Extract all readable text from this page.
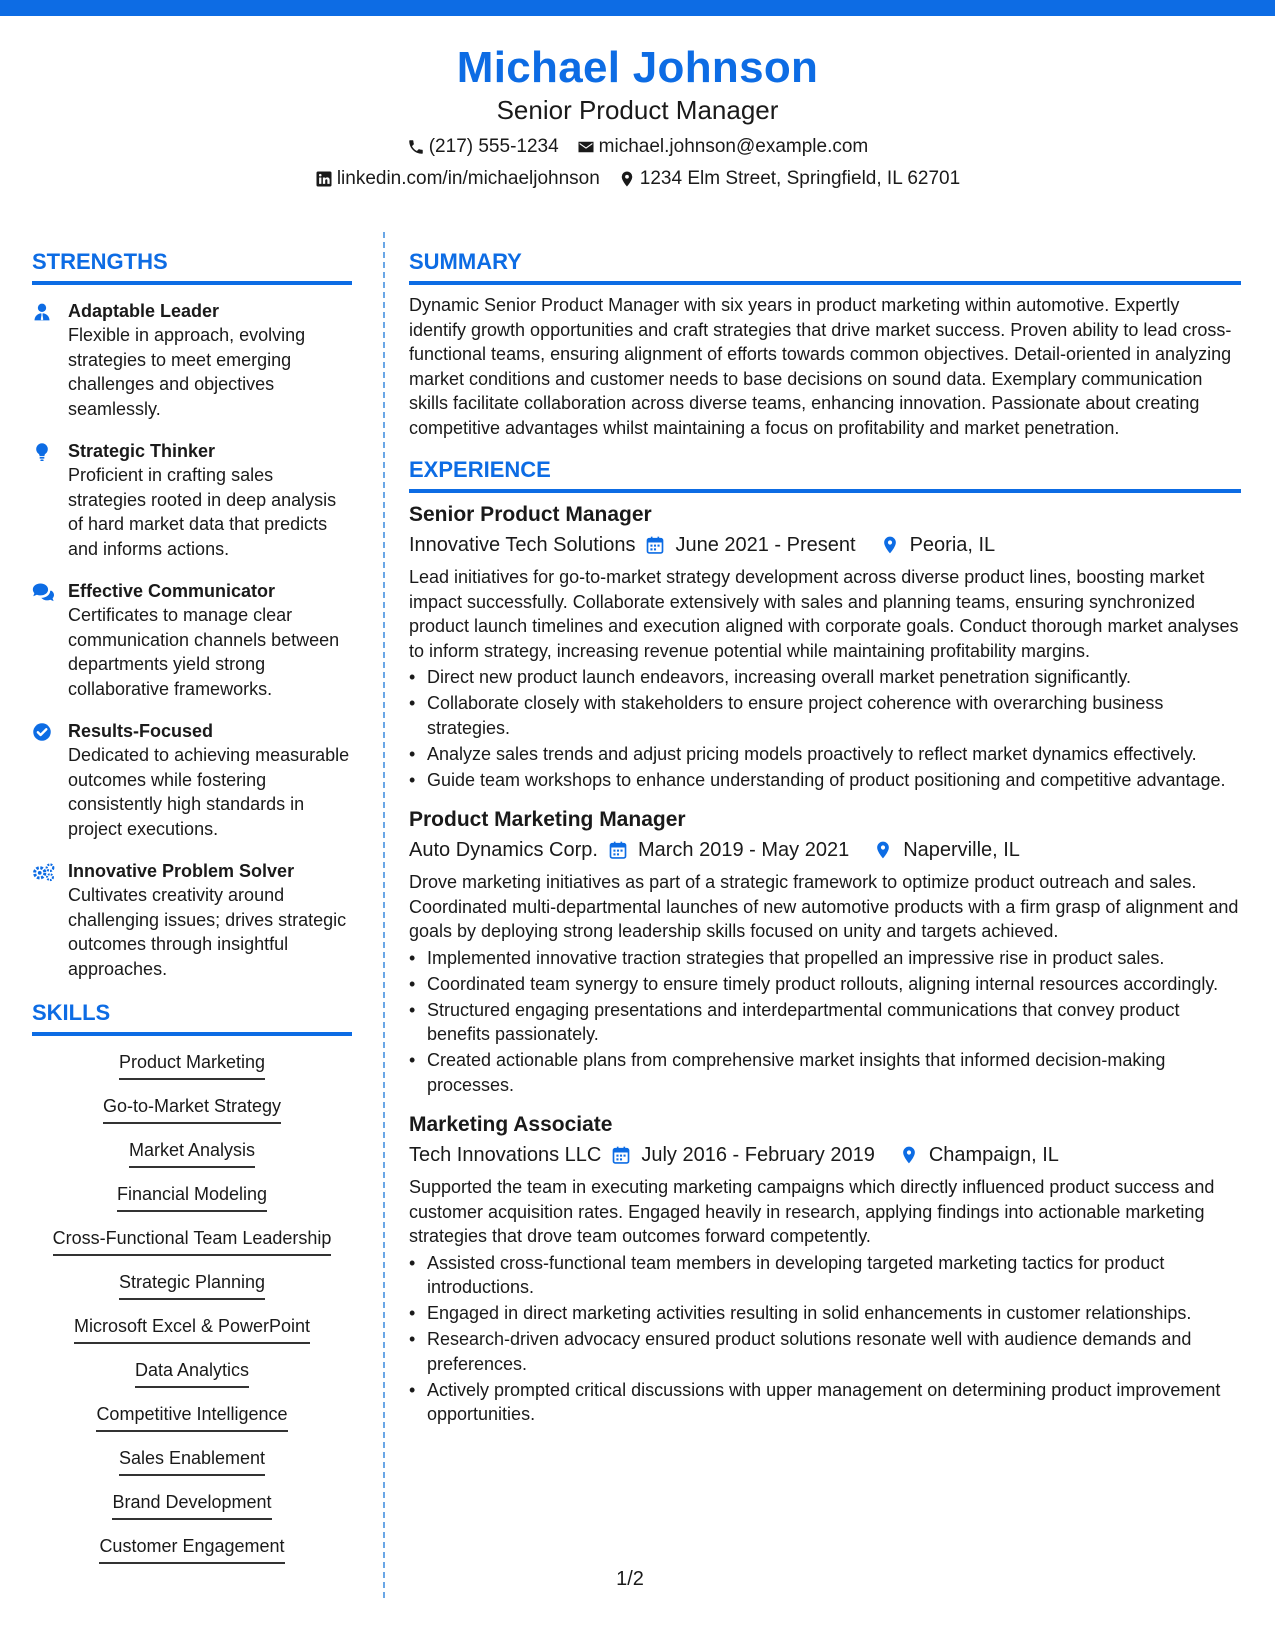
Michael Johnson
Senior Product Manager
(217) 555-1234 michael.johnson@example.com
linkedin.com/in/michaeljohnson 1234 Elm Street, Springfield, IL 62701
STRENGTHS
Adaptable Leader
Flexible in approach, evolving strategies to meet emerging challenges and objectives seamlessly.
Strategic Thinker
Proficient in crafting sales strategies rooted in deep analysis of hard market data that predicts and informs actions.
Effective Communicator
Certificates to manage clear communication channels between departments yield strong collaborative frameworks.
Results-Focused
Dedicated to achieving measurable outcomes while fostering consistently high standards in project executions.
Innovative Problem Solver
Cultivates creativity around challenging issues; drives strategic outcomes through insightful approaches.
SKILLS
Product Marketing
Go-to-Market Strategy
Market Analysis
Financial Modeling
Cross-Functional Team Leadership
Strategic Planning
Microsoft Excel & PowerPoint
Data Analytics
Competitive Intelligence
Sales Enablement
Brand Development
Customer Engagement
SUMMARY
Dynamic Senior Product Manager with six years in product marketing within automotive. Expertly identify growth opportunities and craft strategies that drive market success. Proven ability to lead cross-functional teams, ensuring alignment of efforts towards common objectives. Detail-oriented in analyzing market conditions and customer needs to base decisions on sound data. Exemplary communication skills facilitate collaboration across diverse teams, enhancing innovation. Passionate about creating competitive advantages whilst maintaining a focus on profitability and market penetration.
EXPERIENCE
Senior Product Manager
Innovative Tech Solutions June 2021 - Present	Peoria, IL
Lead initiatives for go-to-market strategy development across diverse product lines, boosting market impact successfully. Collaborate extensively with sales and planning teams, ensuring synchronized product launch timelines and execution aligned with corporate goals. Conduct thorough market analyses to inform strategy, increasing revenue potential while maintaining profitability margins.
• Direct new product launch endeavors, increasing overall market penetration significantly.
• Collaborate closely with stakeholders to ensure project coherence with overarching business strategies.
• Analyze sales trends and adjust pricing models proactively to reflect market dynamics effectively.
• Guide team workshops to enhance understanding of product positioning and competitive advantage.
Product Marketing Manager
Auto Dynamics Corp. March 2019 - May 2021	Naperville, IL
Drove marketing initiatives as part of a strategic framework to optimize product outreach and sales. Coordinated multi-departmental launches of new automotive products with a firm grasp of alignment and goals by deploying strong leadership skills focused on unity and targets achieved.
• Implemented innovative traction strategies that propelled an impressive rise in product sales.
• Coordinated team synergy to ensure timely product rollouts, aligning internal resources accordingly.
• Structured engaging presentations and interdepartmental communications that convey product benefits passionately.
• Created actionable plans from comprehensive market insights that informed decision-making processes.
Marketing Associate
Tech Innovations LLC July 2016 - February 2019	Champaign, IL
Supported the team in executing marketing campaigns which directly influenced product success and customer acquisition rates. Engaged heavily in research, applying findings into actionable marketing strategies that drove team outcomes forward competently.
• Assisted cross-functional team members in developing targeted marketing tactics for product introductions.
• Engaged in direct marketing activities resulting in solid enhancements in customer relationships.
• Research-driven advocacy ensured product solutions resonate well with audience demands and preferences.
• Actively prompted critical discussions with upper management on determining product improvement opportunities.
1/2
